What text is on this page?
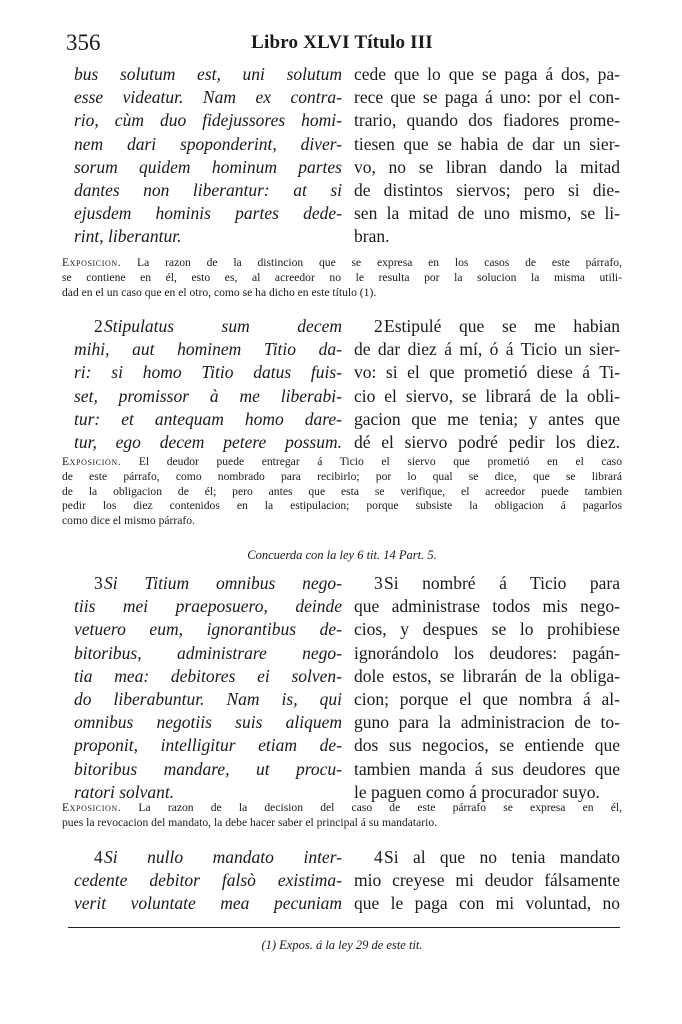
356	Libro XLVI Título III
bus solutum est, uni solutum
esse videatur. Nam ex contra-
rio, cùm duo fidejussores homi-
nem dari spoponderint, diver-
sorum quidem hominum partes
dantes non liberantur: at si
ejusdem hominis partes dede-
rint, liberantur.
cede que lo que se paga á dos, pa-
rece que se paga á uno: por el con-
trario, quando dos fiadores prome-
tiesen que se habia de dar un sier-
vo, no se libran dando la mitad
de distintos siervos; pero si die-
sen la mitad de uno mismo, se li-
bran.
Exposicion. La razon de la distincion que se expresa en los casos de este párrafo,
se contiene en él, esto es, al acreedor no le resulta por la solucion la misma utili-
dad en el un caso que en el otro, como se ha dicho en este título (1).
2Stipulatus sum decem
mihi, aut hominem Titio da-
ri: si homo Titio datus fuis-
set, promissor à me liberabi-
tur: et antequam homo dare-
tur, ego decem petere possum.
2Estipulé que se me habian
de dar diez á mí, ó á Ticio un sier-
vo: si el que prometió diese á Ti-
cio el siervo, se librará de la obli-
gacion que me tenia; y antes que
dé el siervo podré pedir los diez.
Exposicion. El deudor puede entregar á Ticio el siervo que prometió en el caso
de este párrafo, como nombrado para recibirlo; por lo qual se dice, que se librará
de la obligacion de él; pero antes que esta se verifique, el acreedor puede tambien
pedir los diez contenidos en la estipulacion; porque subsiste la obligacion á pagarlos
como dice el mismo párrafo.
Concuerda con la ley 6 tit. 14 Part. 5.
3Si Titium omnibus nego-
tiis mei praeposuero, deinde
vetuero eum, ignorantibus de-
bitoribus, administrare nego-
tia mea: debitores ei solven-
do liberabuntur. Nam is, qui
omnibus negotiis suis aliquem
proponit, intelligitur etiam de-
bitoribus mandare, ut procu-
ratori solvant.
3Si nombré á Ticio para
que administrase todos mis nego-
cios, y despues se lo prohibiese
ignorándolo los deudores: pagán-
dole estos, se librarán de la obliga-
cion; porque el que nombra á al-
guno para la administracion de to-
dos sus negocios, se entiende que
tambien manda á sus deudores que
le paguen como á procurador suyo.
Exposicion. La razon de la decision del caso de este párrafo se expresa en él,
pues la revocacion del mandato, la debe hacer saber el principal á su mandatario.
4Si nullo mandato inter-
cedente debitor falsò existima-
verit voluntate mea pecuniam
4Si al que no tenia mandato
mio creyese mi deudor fálsamente
que le paga con mi voluntad, no
(1) Expos. á la ley 29 de este tit.
